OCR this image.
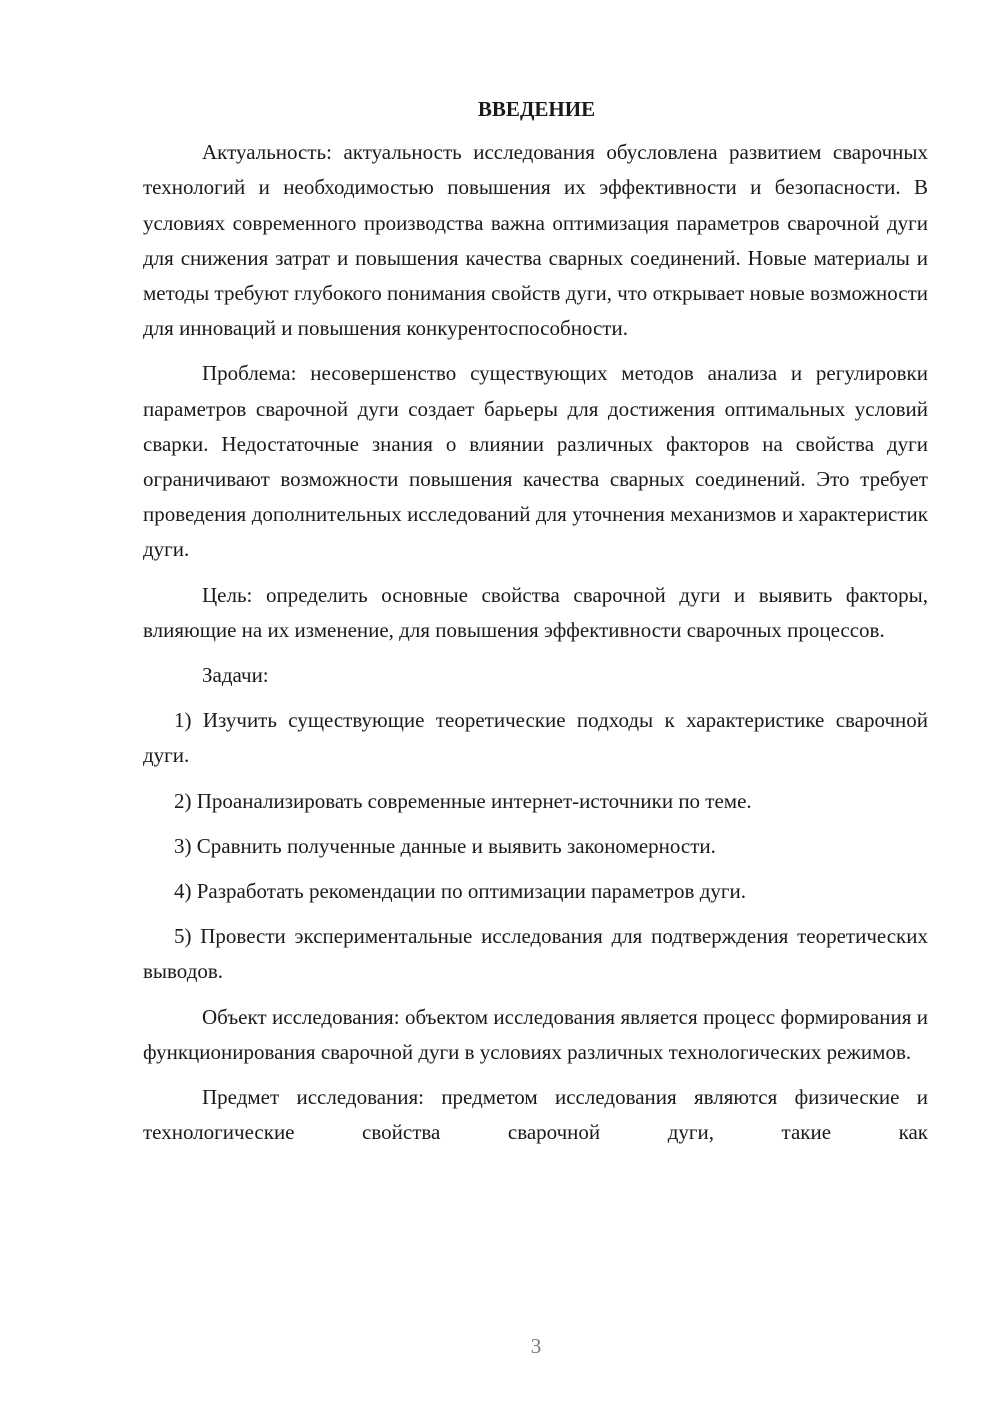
ВВЕДЕНИЕ

Актуальность: актуальность исследования обусловлена развитием сварочных технологий и необходимостью повышения их эффективности и безопасности. В условиях современного производства важна оптимизация параметров сварочной дуги для снижения затрат и повышения качества сварных соединений. Новые материалы и методы требуют глубокого понимания свойств дуги, что открывает новые возможности для инноваций и повышения конкурентоспособности.

Проблема: несовершенство существующих методов анализа и регулировки параметров сварочной дуги создает барьеры для достижения оптимальных условий сварки. Недостаточные знания о влиянии различных факторов на свойства дуги ограничивают возможности повышения качества сварных соединений. Это требует проведения дополнительных исследований для уточнения механизмов и характеристик дуги.

Цель: определить основные свойства сварочной дуги и выявить факторы, влияющие на их изменение, для повышения эффективности сварочных процессов.

Задачи:

1) Изучить существующие теоретические подходы к характеристике сварочной дуги.

2) Проанализировать современные интернет-источники по теме.

3) Сравнить полученные данные и выявить закономерности.

4) Разработать рекомендации по оптимизации параметров дуги.

5) Провести экспериментальные исследования для подтверждения теоретических выводов.

Объект исследования: объектом исследования является процесс формирования и функционирования сварочной дуги в условиях различных технологических режимов.

Предмет исследования: предметом исследования являются физические и технологические свойства сварочной дуги, такие как

3
